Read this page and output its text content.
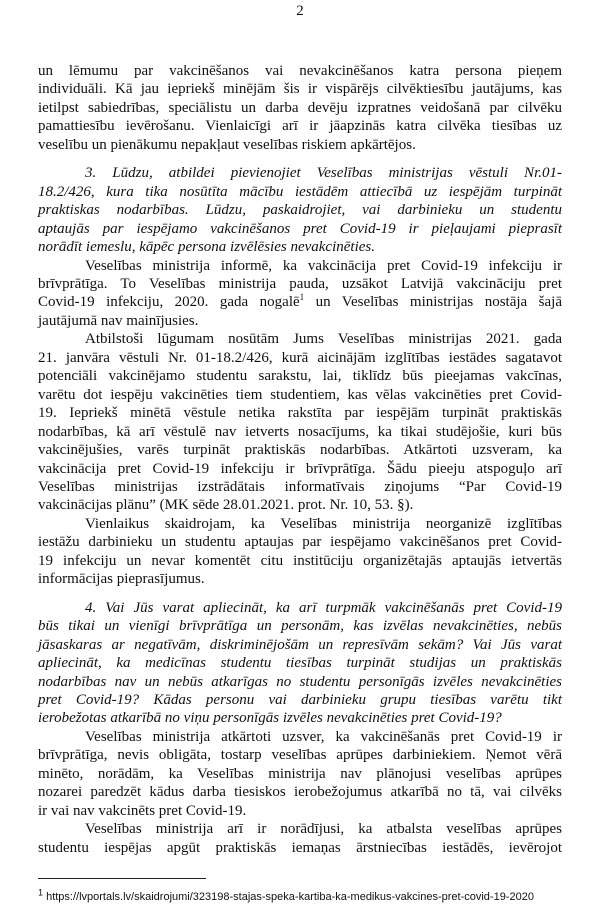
2
un lēmumu par vakcinēšanos vai nevakcinēšanos katra persona pieņem
individuāli. Kā jau iepriekš minējām šis ir vispārējs cilvēktiesību jautājums, kas
ietilpst sabiedrības, speciālistu un darba devēju izpratnes veidošanā par cilvēku
pamattiesību ievērošanu. Vienlaicīgi arī ir jāapzinās katra cilvēka tiesības uz
veselību un pienākumu nepakļaut veselības riskiem apkārtējos.
3. Lūdzu, atbildei pievienojiet Veselības ministrijas vēstuli Nr.01-
18.2/426, kura tika nosūtīta mācību iestādēm attiecībā uz iespējām turpināt
praktiskas nodarbības. Lūdzu, paskaidrojiet, vai darbinieku un studentu
aptaujās par iespējamo vakcinēšanos pret Covid-19 ir pieļaujami pieprasīt
norādīt iemeslu, kāpēc persona izvēlēsies nevakcinēties.
Veselības ministrija informē, ka vakcinācija pret Covid-19 infekciju ir
brīvprātīga. To Veselības ministrija pauda, uzsākot Latvijā vakcināciju pret
Covid-19 infekciju, 2020. gada nogalē$^1$ un Veselības ministrijas nostāja šajā
jautājumā nav mainījusies.
Atbilstoši lūgumam nosūtām Jums Veselības ministrijas 2021. gada
21. janvāra vēstuli Nr. 01-18.2/426, kurā aicinājām izglītības iestādes sagatavot
potenciāli vakcinējamo studentu sarakstu, lai, tiklīdz būs pieejamas vakcīnas,
varētu dot iespēju vakcinēties tiem studentiem, kas vēlas vakcinēties pret Covid-
19. Iepriekš minētā vēstule netika rakstīta par iespējām turpināt praktiskās
nodarbības, kā arī vēstulē nav ietverts nosacījums, ka tikai studējošie, kuri būs
vakcinējušies, varēs turpināt praktiskās nodarbības. Atkārtoti uzsveram, ka
vakcinācija pret Covid-19 infekciju ir brīvprātīga. Šādu pieeju atspoguļo arī
Veselības ministrijas izstrādātais informatīvais ziņojums “Par Covid-19
vakcinācijas plānu” (MK sēde 28.01.2021. prot. Nr. 10, 53. §).
Vienlaikus skaidrojam, ka Veselības ministrija neorganizē izglītības
iestāžu darbinieku un studentu aptaujas par iespējamo vakcinēšanos pret Covid-
19 infekciju un nevar komentēt citu institūciju organizētajās aptaujās ietvertās
informācijas pieprasījumus.
4. Vai Jūs varat apliecināt, ka arī turpmāk vakcinēšanās pret Covid-19
būs tikai un vienīgi brīvprātīga un personām, kas izvēlas nevakcinēties, nebūs
jāsaskaras ar negatīvām, diskriminējošām un represīvām sekām? Vai Jūs varat
apliecināt, ka medicīnas studentu tiesības turpināt studijas un praktiskās
nodarbības nav un nebūs atkarīgas no studentu personīgās izvēles nevakcinēties
pret Covid-19? Kādas personu vai darbinieku grupu tiesības varētu tikt
ierobežotas atkarībā no viņu personīgās izvēles nevakcinēties pret Covid-19?
Veselības ministrija atkārtoti uzsver, ka vakcinēšanās pret Covid-19 ir
brīvprātīga, nevis obligāta, tostarp veselības aprūpes darbiniekiem. Ņemot vērā
minēto, norādām, ka Veselības ministrija nav plānojusi veselības aprūpes
nozarei paredzēt kādus darba tiesiskos ierobežojumus atkarībā no tā, vai cilvēks
ir vai nav vakcinēts pret Covid-19.
Veselības ministrija arī ir norādījusi, ka atbalsta veselības aprūpes
studentu iespējas apgūt praktiskās iemaņas ārstniecības iestādēs, ievērojot
$^1$ https://lvportals.lv/skaidrojumi/323198-stajas-speka-kartiba-ka-medikus-vakcines-pret-covid-19-2020
